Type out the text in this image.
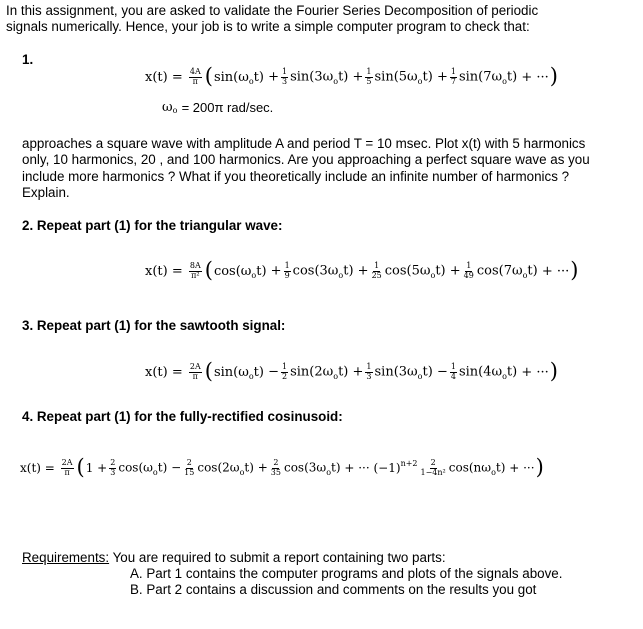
In this assignment, you are asked to validate the Fourier Series Decomposition of periodic
signals numerically. Hence, your job is to write a simple computer program to check that:
1.
x(t) =
$\frac{4A}{\pi}$ ( $\sin(\omega_ot)$
+ $\frac{1}{3} \sin(3\omega_ot)$
+ $\frac{1}{5} \sin(5\omega_ot)$
+ $\frac{1}{7} \sin(7\omega_ot)$
+ ··· )
ω o
= 200π rad/sec.
approaches a square wave with amplitude A and period T = 10 msec. Plot x(t) with 5 harmonics
only, 10 harmonics, 20 , and 100 harmonics. Are you approaching a perfect square wave as you
include more harmonics ? What if you theoretically include an infinite number of harmonics ?
Explain.
2. Repeat part (1) for the triangular wave:
x(t) =
$\frac{8A}{\text{π²}}$ ( $\cos(\omega_ot)$
+ $\frac{1}{9} \cos(3\omega_ot)$
+ $\frac{1}{25} \cos(5\omega_ot)$
+ $\frac{1}{49} \cos(7\omega_ot)$
+ ··· )
3. Repeat part (1) for the sawtooth signal:
x(t) =
$\frac{2A}{\pi}$ ( $\sin(\omega_ot)$
− $\frac{1}{2} \sin(2\omega_ot)$
+ $\frac{1}{3} \sin(3\omega_ot)$
− $\frac{1}{4} \sin(4\omega_ot)$
+ ··· )
4. Repeat part (1) for the fully-rectified cosinusoid:
x(t) =
$\frac{2A}{\pi}$ ( $1 + \frac{2}{3} \cos(\omega_ot)$
− $\frac{2}{15} \cos(2\omega_ot)$
+ $\frac{2}{35} \cos(3\omega_ot)$
+ ··· (−1) $n+2 \frac{2}{\text{1−4n²}} \cos(n\omega_ot)$
+ ··· )
Requirements: You are required to submit a report containing two parts:
A. Part 1 contains the computer programs and plots of the signals above.
B. Part 2 contains a discussion and comments on the results you got
